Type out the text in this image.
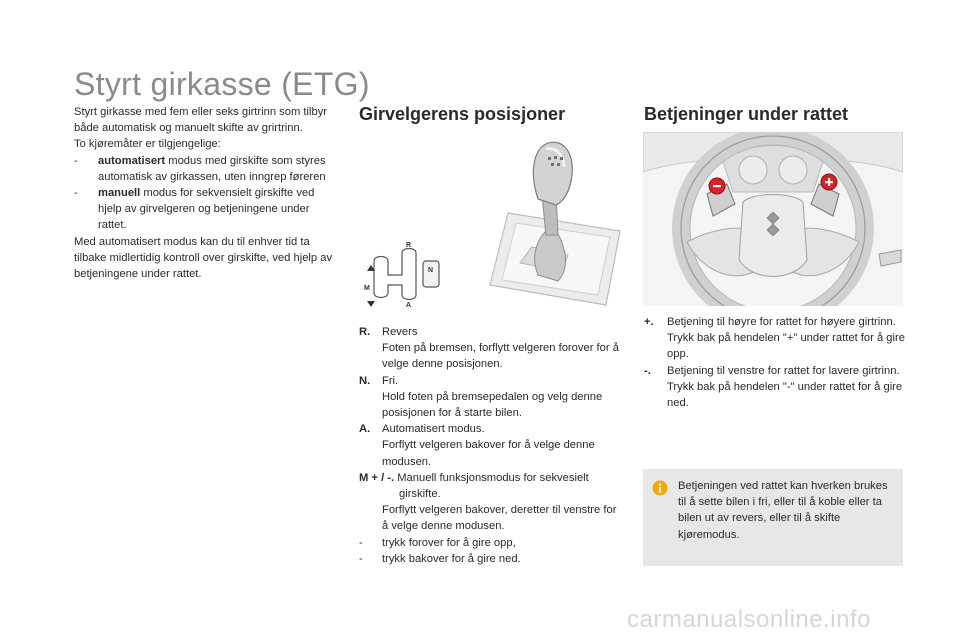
Styrt girkasse (ETG)

Styrt girkasse med fem eller seks girtrinn som tilbyr både automatisk og manuelt skifte av grirtrinn.

To kjøremåter er tilgjengelige:

- automatisert modus med girskifte som styres automatisk av girkassen, uten inngrep føreren

- manuell modus for sekvensielt girskifte ved hjelp av girvelgeren og betjeningene under rattet.

Med automatisert modus kan du til enhver tid ta tilbake midlertidig kontroll over girskifte, ved hjelp av betjeningene under rattet.

Girvelgerens posisjoner
R
M
A
N
R. Revers
Foten på bremsen, forflytt velgeren forover for å velge denne posisjonen.
N. Fri.
Hold foten på bremsepedalen og velg denne posisjonen for å starte bilen.
A. Automatisert modus.
Forflytt velgeren bakover for å velge denne modusen.
M + / -. Manuell funksjonsmodus for sekvesielt girskifte.
Forflytt velgeren bakover, deretter til venstre for å velge denne modusen.
- trykk forover for å gire opp,
- trykk bakover for å gire ned.
Betjeninger under rattet
+. Betjening til høyre for rattet for høyere girtrinn.
Trykk bak på hendelen "+" under rattet for å gire opp.
-. Betjening til venstre for rattet for lavere girtrinn.
Trykk bak på hendelen "-" under rattet for å gire ned.
Betjeningen ved rattet kan hverken brukes til å sette bilen i fri, eller til å koble eller ta bilen ut av revers, eller til å skifte kjøremodus.
carmanualsonline.info
